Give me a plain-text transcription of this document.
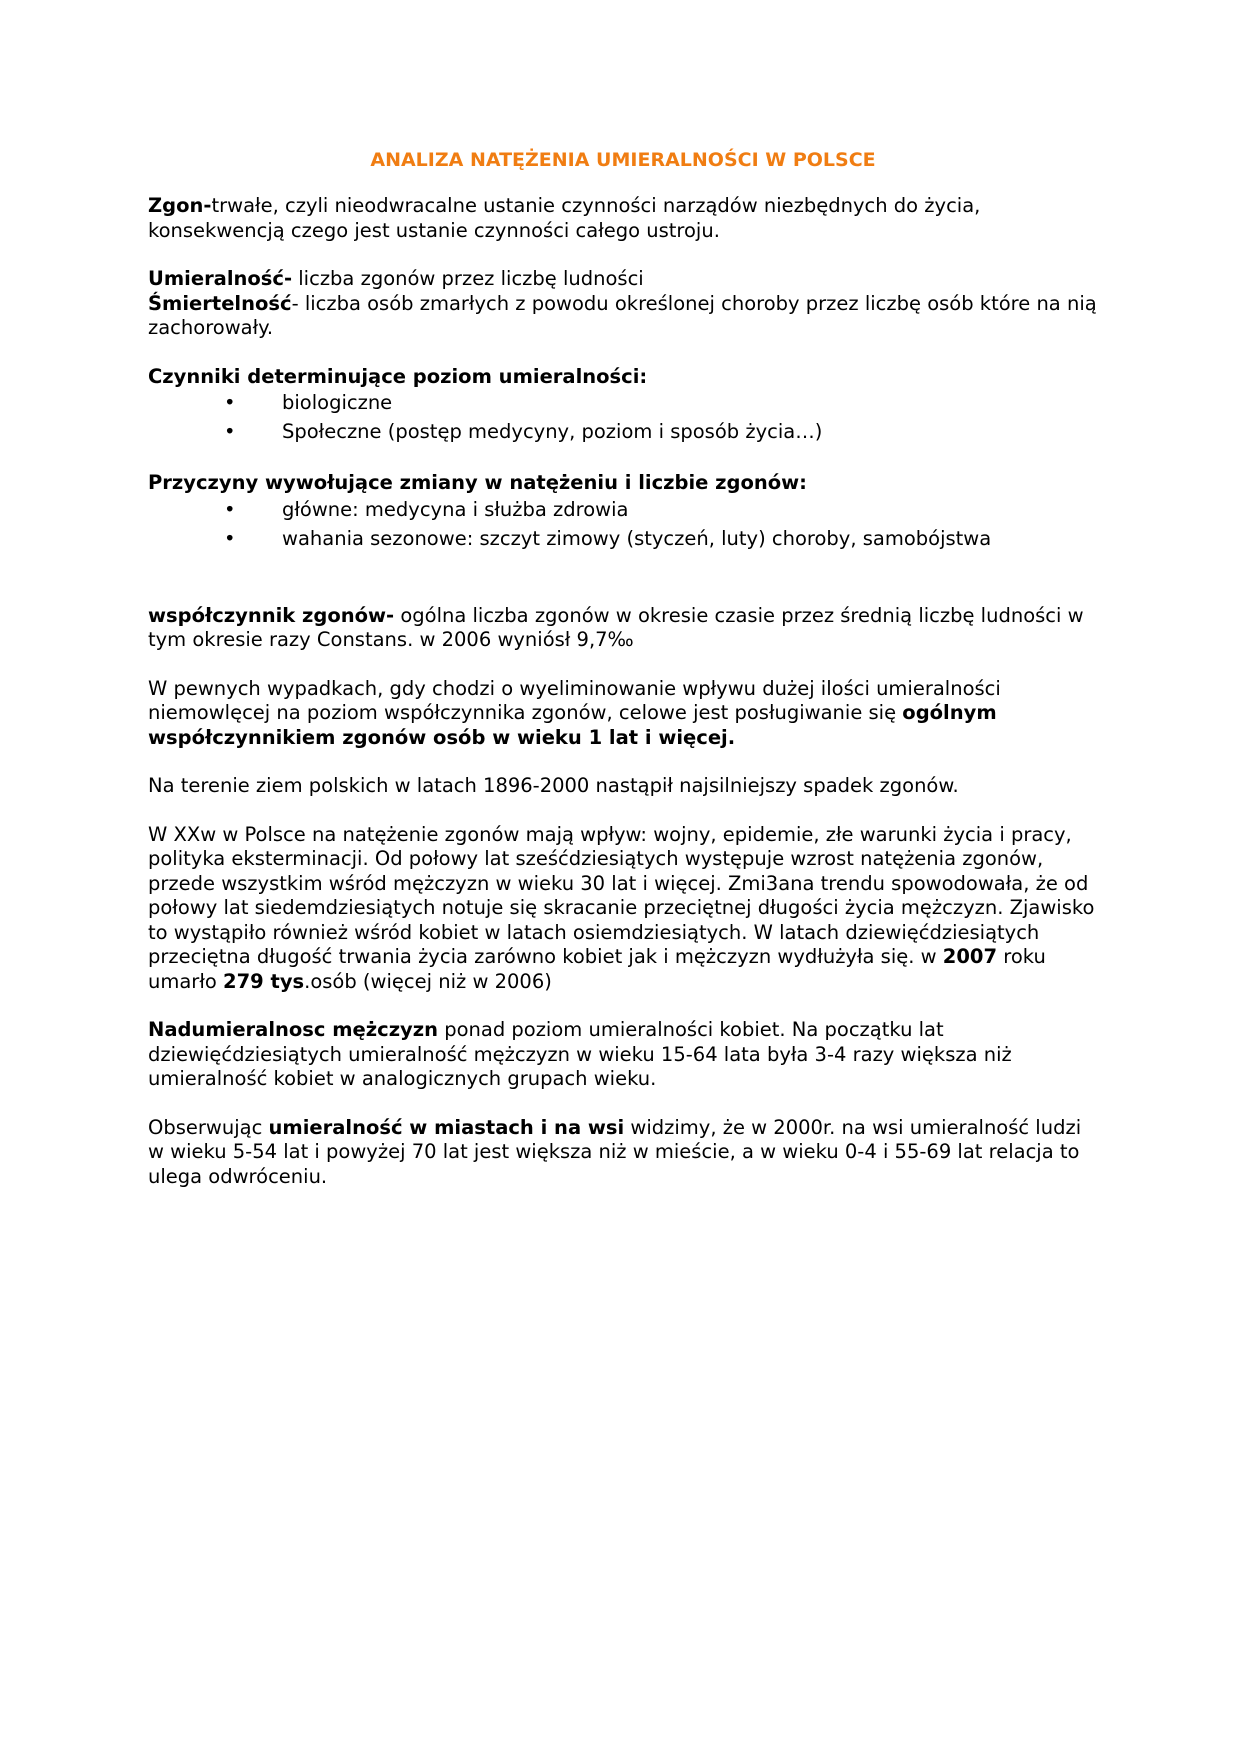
ANALIZA NATĘŻENIA UMIERALNOŚCI W POLSCE

Zgon-trwałe, czyli nieodwracalne ustanie czynności narządów niezbędnych do życia, konsekwencją czego jest ustanie czynności całego ustroju.

Umieralność- liczba zgonów przez liczbę ludności

Śmiertelność- liczba osób zmarłych z powodu określonej choroby przez liczbę osób które na nią zachorowały.

Czynniki determinujące poziom umieralności:
• biologiczne
• Społeczne (postęp medycyny, poziom i sposób życia…)
Przyczyny wywołujące zmiany w natężeniu i liczbie zgonów:
• główne: medycyna i służba zdrowia
• wahania sezonowe: szczyt zimowy (styczeń, luty) choroby, samobójstwa

współczynnik zgonów- ogólna liczba zgonów w okresie czasie przez średnią liczbę ludności w tym okresie razy Constans. w 2006 wyniósł 9,7‰

W pewnych wypadkach, gdy chodzi o wyeliminowanie wpływu dużej ilości umieralności niemowlęcej na poziom współczynnika zgonów, celowe jest posługiwanie się ogólnym współczynnikiem zgonów osób w wieku 1 lat i więcej.

Na terenie ziem polskich w latach 1896-2000 nastąpił najsilniejszy spadek zgonów.

W XXw w Polsce na natężenie zgonów mają wpływ: wojny, epidemie, złe warunki życia i pracy, polityka eksterminacji. Od połowy lat sześćdziesiątych występuje wzrost natężenia zgonów, przede wszystkim wśród mężczyzn w wieku 30 lat i więcej. Zmi3ana trendu spowodowała, że od połowy lat siedemdziesiątych notuje się skracanie przeciętnej długości życia mężczyzn. Zjawisko to wystąpiło również wśród kobiet w latach osiemdziesiątych. W latach dziewięćdziesiątych przeciętna długość trwania życia zarówno kobiet jak i mężczyzn wydłużyła się. w 2007 roku umarło 279 tys.osób (więcej niż w 2006)

Nadumieralnosc mężczyzn ponad poziom umieralności kobiet. Na początku lat dziewięćdziesiątych umieralność mężczyzn w wieku 15-64 lata była 3-4 razy większa niż umieralność kobiet w analogicznych grupach wieku.

Obserwując umieralność w miastach i na wsi widzimy, że w 2000r. na wsi umieralność ludzi w wieku 5-54 lat i powyżej 70 lat jest większa niż w mieście, a w wieku 0-4 i 55-69 lat relacja to ulega odwróceniu.
